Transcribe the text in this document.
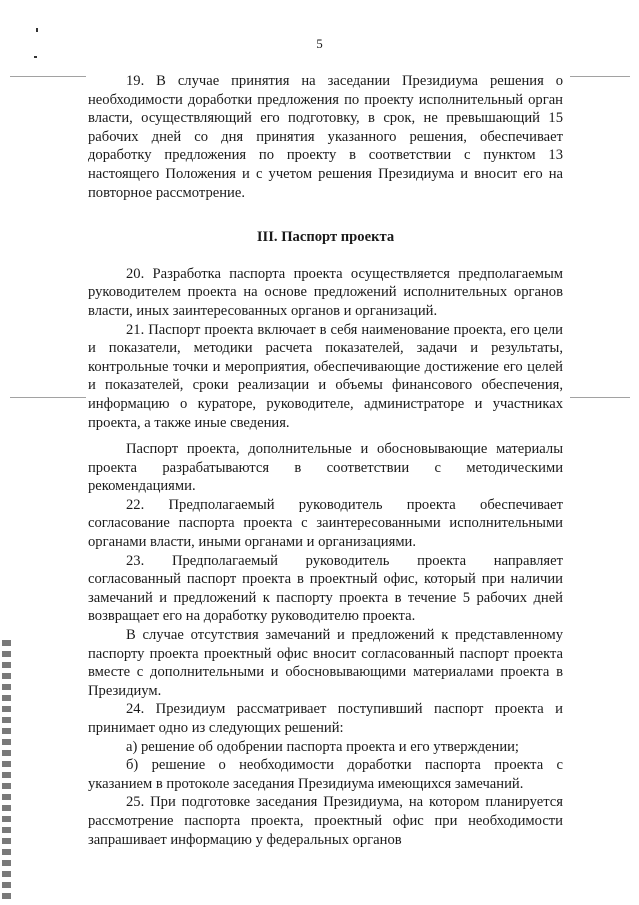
5

19. В случае принятия на заседании Президиума решения о необходимости доработки предложения по проекту исполнительный орган власти, осуществляющий его подготовку, в срок, не превышающий 15 рабочих дней со дня принятия указанного решения, обеспечивает доработку предложения по проекту в соответствии с пунктом 13 настоящего Положения и с учетом решения Президиума и вносит его на повторное рассмотрение.

III. Паспорт проекта

20. Разработка паспорта проекта осуществляется предполагаемым руководителем проекта на основе предложений исполнительных органов власти, иных заинтересованных органов и организаций.

21. Паспорт проекта включает в себя наименование проекта, его цели и показатели, методики расчета показателей, задачи и результаты, контрольные точки и мероприятия, обеспечивающие достижение его целей и показателей, сроки реализации и объемы финансового обеспечения, информацию о кураторе, руководителе, администраторе и участниках проекта, а также иные сведения.

Паспорт проекта, дополнительные и обосновывающие материалы проекта разрабатываются в соответствии с методическими рекомендациями.

22. Предполагаемый руководитель проекта обеспечивает согласование паспорта проекта с заинтересованными исполнительными органами власти, иными органами и организациями.

23. Предполагаемый руководитель проекта направляет согласованный паспорт проекта в проектный офис, который при наличии замечаний и предложений к паспорту проекта в течение 5 рабочих дней возвращает его на доработку руководителю проекта.

В случае отсутствия замечаний и предложений к представленному паспорту проекта проектный офис вносит согласованный паспорт проекта вместе с дополнительными и обосновывающими материалами проекта в Президиум.

24. Президиум рассматривает поступивший паспорт проекта и принимает одно из следующих решений:

а) решение об одобрении паспорта проекта и его утверждении;

б) решение о необходимости доработки паспорта проекта с указанием в протоколе заседания Президиума имеющихся замечаний.

25. При подготовке заседания Президиума, на котором планируется рассмотрение паспорта проекта, проектный офис при необходимости запрашивает информацию у федеральных органов
